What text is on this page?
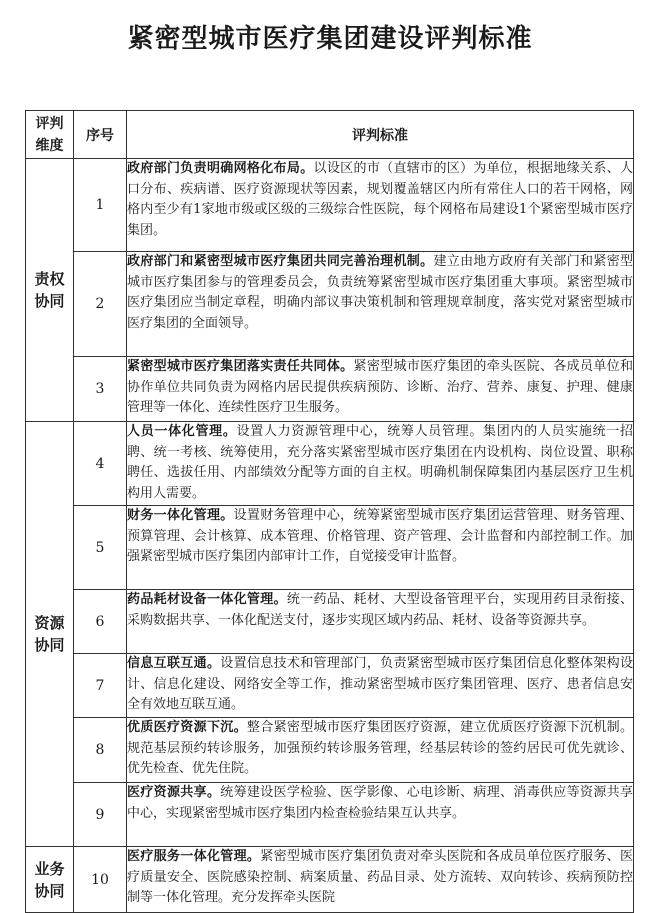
紧密型城市医疗集团建设评判标准
评判维度	序号	评判标准
责权协同	1	政府部门负责明确网格化布局。以设区的市（直辖市的区）为单位，根据地缘关系、人口分布、疾病谱、医疗资源现状等因素，规划覆盖辖区内所有常住人口的若干网格，网格内至少有1家地市级或区级的三级综合性医院，每个网格布局建设1个紧密型城市医疗集团。

	2	政府部门和紧密型城市医疗集团共同完善治理机制。建立由地方政府有关部门和紧密型城市医疗集团参与的管理委员会，负责统筹紧密型城市医疗集团重大事项。紧密型城市医疗集团应当制定章程，明确内部议事决策机制和管理规章制度，落实党对紧密型城市医疗集团的全面领导。

	3	紧密型城市医疗集团落实责任共同体。紧密型城市医疗集团的牵头医院、各成员单位和协作单位共同负责为网格内居民提供疾病预防、诊断、治疗、营养、康复、护理、健康管理等一体化、连续性医疗卫生服务。

资源协同	4	人员一体化管理。设置人力资源管理中心，统筹人员管理。集团内的人员实施统一招聘、统一考核、统筹使用，充分落实紧密型城市医疗集团在内设机构、岗位设置、职称聘任、选拔任用、内部绩效分配等方面的自主权。明确机制保障集团内基层医疗卫生机构用人需要。

	5	财务一体化管理。设置财务管理中心，统筹紧密型城市医疗集团运营管理、财务管理、预算管理、会计核算、成本管理、价格管理、资产管理、会计监督和内部控制工作。加强紧密型城市医疗集团内部审计工作，自觉接受审计监督。

	6	药品耗材设备一体化管理。统一药品、耗材、大型设备管理平台，实现用药目录衔接、采购数据共享、一体化配送支付，逐步实现区域内药品、耗材、设备等资源共享。

	7	信息互联互通。设置信息技术和管理部门，负责紧密型城市医疗集团信息化整体架构设计、信息化建设、网络安全等工作，推动紧密型城市医疗集团管理、医疗、患者信息安全有效地互联互通。

	8	优质医疗资源下沉。整合紧密型城市医疗集团医疗资源，建立优质医疗资源下沉机制。规范基层预约转诊服务，加强预约转诊服务管理，经基层转诊的签约居民可优先就诊、优先检查、优先住院。

	9	医疗资源共享。统筹建设医学检验、医学影像、心电诊断、病理、消毒供应等资源共享中心，实现紧密型城市医疗集团内检查检验结果互认共享。

业务协同	10	医疗服务一体化管理。紧密型城市医疗集团负责对牵头医院和各成员单位医疗服务、医疗质量安全、医院感染控制、病案质量、药品目录、处方流转、双向转诊、疾病预防控制等一体化管理。充分发挥牵头医院
